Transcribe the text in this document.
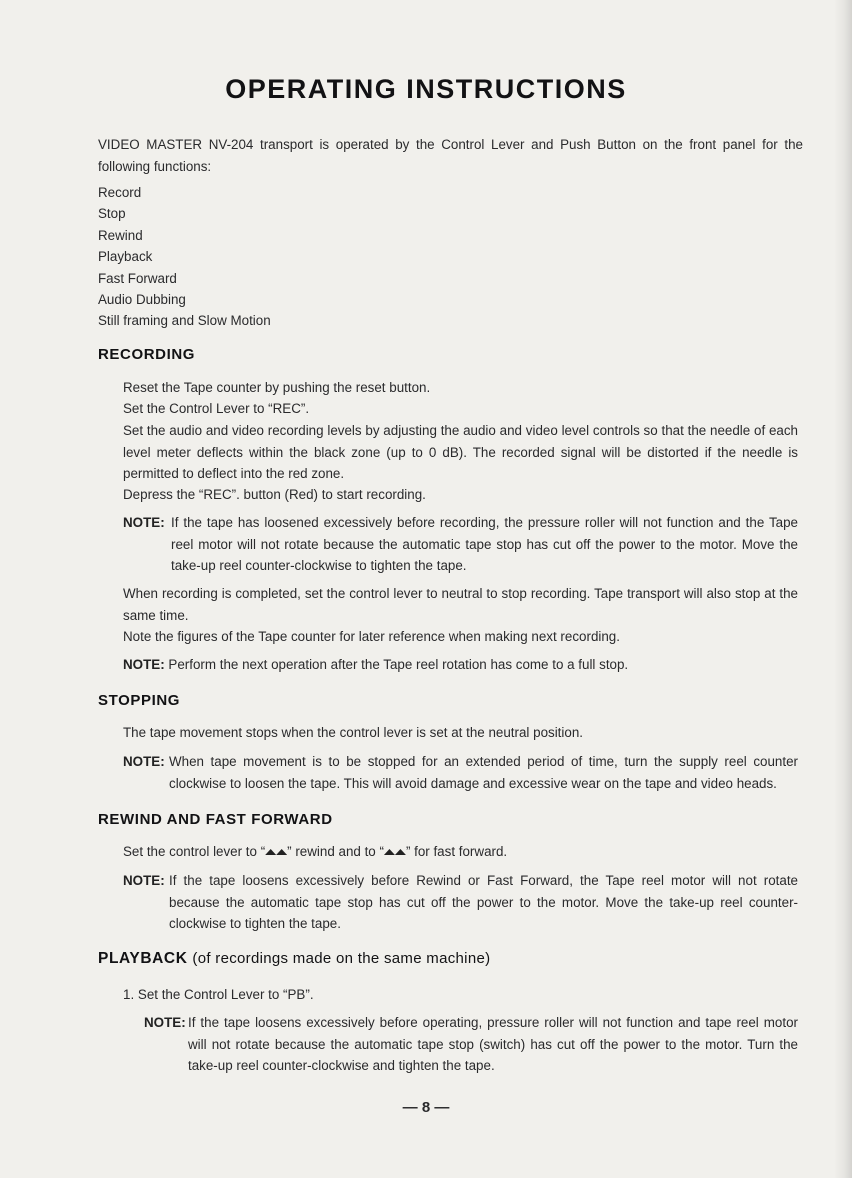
OPERATING INSTRUCTIONS
VIDEO MASTER NV-204 transport is operated by the Control Lever and Push Button on the front panel for the following functions:
Record
Stop
Rewind
Playback
Fast Forward
Audio Dubbing
Still framing and Slow Motion
RECORDING
Reset the Tape counter by pushing the reset button.
Set the Control Lever to “REC”.
Set the audio and video recording levels by adjusting the audio and video level controls so that the needle of each level meter deflects within the black zone (up to 0 dB). The recorded signal will be distorted if the needle is permitted to deflect into the red zone.
Depress the “REC”. button (Red) to start recording.
NOTE: If the tape has loosened excessively before recording, the pressure roller will not function and the Tape reel motor will not rotate because the automatic tape stop has cut off the power to the motor. Move the take-up reel counter-clockwise to tighten the tape.
When recording is completed, set the control lever to neutral to stop recording. Tape transport will also stop at the same time.
Note the figures of the Tape counter for later reference when making next recording.
NOTE: Perform the next operation after the Tape reel rotation has come to a full stop.
STOPPING
The tape movement stops when the control lever is set at the neutral position.
NOTE: When tape movement is to be stopped for an extended period of time, turn the supply reel counter clockwise to loosen the tape. This will avoid damage and excessive wear on the tape and video heads.
REWIND AND FAST FORWARD
Set the control lever to “ ” rewind and to “ ” for fast forward.
NOTE: If the tape loosens excessively before Rewind or Fast Forward, the Tape reel motor will not rotate because the automatic tape stop has cut off the power to the motor. Move the take-up reel counter-clockwise to tighten the tape.
PLAYBACK (of recordings made on the same machine)
1. Set the Control Lever to “PB”.
NOTE: If the tape loosens excessively before operating, pressure roller will not function and tape reel motor will not rotate because the automatic tape stop (switch) has cut off the power to the motor. Turn the take-up reel counter-clockwise and tighten the tape.
— 8 —
